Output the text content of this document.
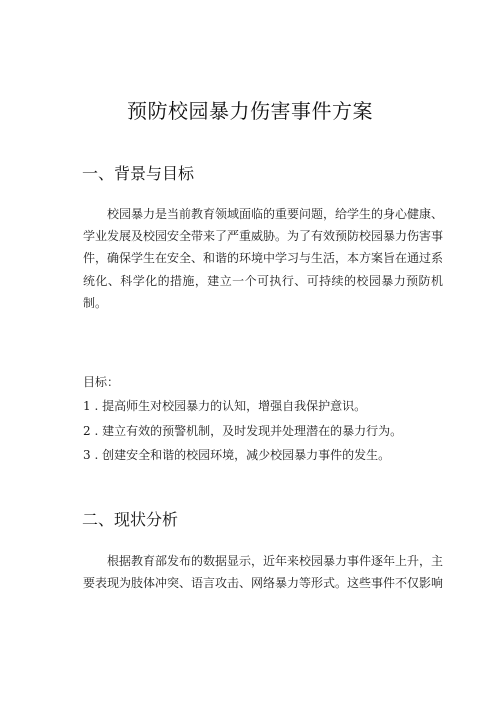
预防校园暴力伤害事件方案
一、背景与目标

校园暴力是当前教育领域面临的重要问题，给学生的身心健康、学业发展及校园安全带来了严重威胁。为了有效预防校园暴力伤害事件，确保学生在安全、和谐的环境中学习与生活，本方案旨在通过系统化、科学化的措施，建立一个可执行、可持续的校园暴力预防机制。

目标：

1 . 提高师生对校园暴力的认知，增强自我保护意识。

2 . 建立有效的预警机制，及时发现并处理潜在的暴力行为。

3 . 创建安全和谐的校园环境，减少校园暴力事件的发生。

二、现状分析

根据教育部发布的数据显示，近年来校园暴力事件逐年上升，主要表现为肢体冲突、语言攻击、网络暴力等形式。这些事件不仅影响
